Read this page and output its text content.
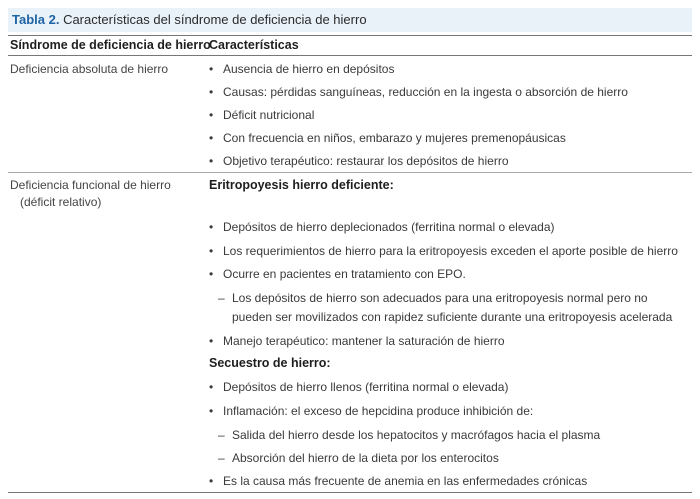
Tabla 2. Características del síndrome de deficiencia de hierro
Síndrome de deficiencia de hierro
Características
Deficiencia absoluta de hierro	• Ausencia de hierro en depósitos
• Causas: pérdidas sanguíneas, reducción en la ingesta o absorción de hierro
• Déficit nutricional
• Con frecuencia en niños, embarazo y mujeres premenopáusicas
• Objetivo terapéutico: restaurar los depósitos de hierro
Deficiencia funcional de hierro
(déficit relativo)
Eritropoyesis hierro deficiente:
• Depósitos de hierro deplecionados (ferritina normal o elevada)
• Los requerimientos de hierro para la eritropoyesis exceden el aporte posible de hierro
• Ocurre en pacientes en tratamiento con EPO.
– Los depósitos de hierro son adecuados para una eritropoyesis normal pero no
pueden ser movilizados con rapidez suficiente durante una eritropoyesis acelerada
• Manejo terapéutico: mantener la saturación de hierro
Secuestro de hierro:
• Depósitos de hierro llenos (ferritina normal o elevada)
• Inflamación: el exceso de hepcidina produce inhibición de:
– Salida del hierro desde los hepatocitos y macrófagos hacia el plasma
– Absorción del hierro de la dieta por los enterocitos
• Es la causa más frecuente de anemia en las enfermedades crónicas
